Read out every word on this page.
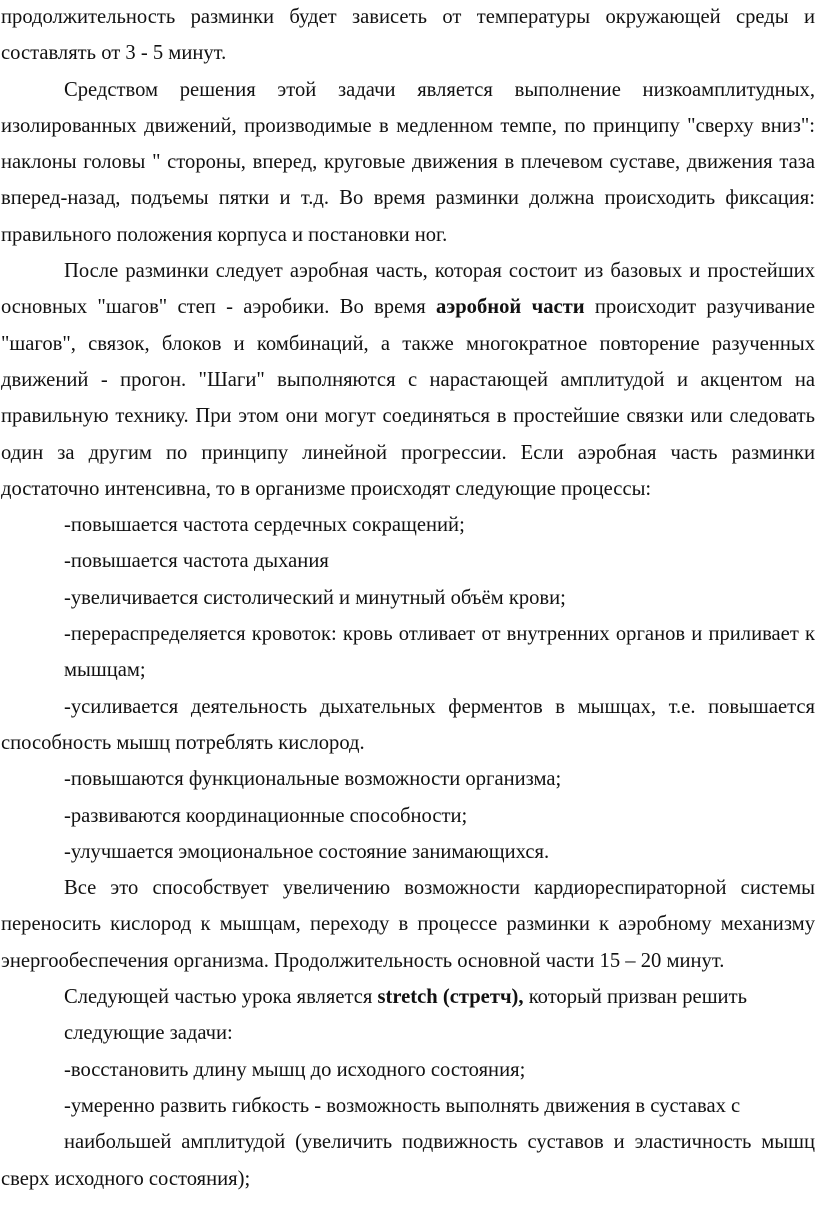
продолжительность разминки будет зависеть от температуры окружающей среды и составлять от 3 - 5 минут.

Средством решения этой задачи является выполнение низкоамплитудных, изолированных движений, производимые в медленном темпе, по принципу "сверху вниз": наклоны головы " стороны, вперед, круговые движения в плечевом суставе, движения таза вперед-назад, подъемы пятки и т.д. Во время разминки должна происходить фиксация: правильного положения корпуса и постановки ног.

После разминки следует аэробная часть, которая состоит из базовых и простейших основных "шагов" степ - аэробики. Во время аэробной части происходит разучивание "шагов", связок, блоков и комбинаций, а также многократное повторение разученных движений - прогон. "Шаги" выполняются с нарастающей амплитудой и акцентом на правильную технику. При этом они могут соединяться в простейшие связки или следовать один за другим по принципу линейной прогрессии. Если аэробная часть разминки достаточно интенсивна, то в организме происходят следующие процессы:

-повышается частота сердечных сокращений;

-повышается частота дыхания

-увеличивается систолический и минутный объём крови;

-перераспределяется кровоток: кровь отливает от внутренних органов и приливает к мышцам;

-усиливается деятельность дыхательных ферментов в мышцах, т.е. повышается способность мышц потреблять кислород.

-повышаются функциональные возможности организма;

-развиваются координационные способности;

-улучшается эмоциональное состояние занимающихся.

Все это способствует увеличению возможности кардиореспираторной системы переносить кислород к мышцам, переходу в процессе разминки к аэробному механизму энергообеспечения организма. Продолжительность основной части 15 – 20 минут.

Следующей частью урока является stretch (стретч), который призван решить

следующие задачи:

-восстановить длину мышц до исходного состояния;

-умеренно развить гибкость - возможность выполнять движения в суставах с

наибольшей амплитудой (увеличить подвижность суставов и эластичность мышц сверх исходного состояния);
